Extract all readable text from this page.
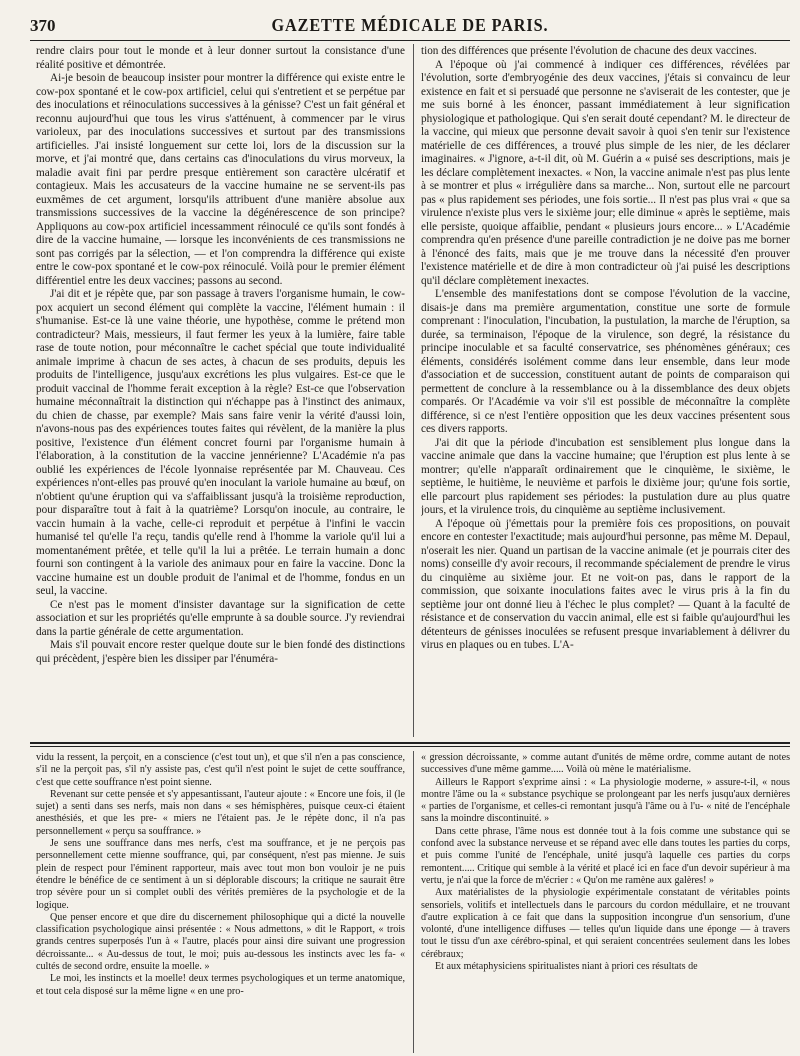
370	GAZETTE MÉDICALE DE PARIS.

rendre clairs pour tout le monde et à leur donner surtout la consistance d'une réalité positive et démontrée.

Ai-je besoin de beaucoup insister pour montrer la différence qui existe entre le cow-pox spontané et le cow-pox artificiel, celui qui s'entretient et se perpétue par des inoculations et réinoculations successives à la génisse? C'est un fait général et reconnu aujourd'hui que tous les virus s'atténuent, à commencer par le virus varioleux, par des inoculations successives et surtout par des transmissions artificielles. J'ai insisté longuement sur cette loi, lors de la discussion sur la morve, et j'ai montré que, dans certains cas d'inoculations du virus morveux, la maladie avait fini par perdre presque entièrement son caractère ulcératif et contagieux. Mais les accusateurs de la vaccine humaine ne se servent-ils pas euxmêmes de cet argument, lorsqu'ils attribuent d'une manière absolue aux transmissions successives de la vaccine la dégénérescence de son principe? Appliquons au cow-pox artificiel incessamment réinoculé ce qu'ils sont fondés à dire de la vaccine humaine, — lorsque les inconvénients de ces transmissions ne sont pas corrigés par la sélection, — et l'on comprendra la différence qui existe entre le cow-pox spontané et le cow-pox réinoculé. Voilà pour le premier élément différentiel entre les deux vaccines; passons au second.

J'ai dit et je répète que, par son passage à travers l'organisme humain, le cow-pox acquiert un second élément qui complète la vaccine, l'élément humain : il s'humanise. Est-ce là une vaine théorie, une hypothèse, comme le prétend mon contradicteur? Mais, messieurs, il faut fermer les yeux à la lumière, faire table rase de toute notion, pour méconnaître le cachet spécial que toute individualité animale imprime à chacun de ses actes, à chacun de ses produits, depuis les produits de l'intelligence, jusqu'aux excrétions les plus vulgaires. Est-ce que le produit vaccinal de l'homme ferait exception à la règle? Est-ce que l'observation humaine méconnaîtrait la distinction qui n'échappe pas à l'instinct des animaux, du chien de chasse, par exemple? Mais sans faire venir la vérité d'aussi loin, n'avons-nous pas des expériences toutes faites qui révèlent, de la manière la plus positive, l'existence d'un élément concret fourni par l'organisme humain à l'élaboration, à la constitution de la vaccine jennérienne? L'Académie n'a pas oublié les expériences de l'école lyonnaise représentée par M. Chauveau. Ces expériences n'ont-elles pas prouvé qu'en inoculant la variole humaine au bœuf, on n'obtient qu'une éruption qui va s'affaiblissant jusqu'à la troisième reproduction, pour disparaître tout à fait à la quatrième? Lorsqu'on inocule, au contraire, le vaccin humain à la vache, celle-ci reproduit et perpétue à l'infini le vaccin humanisé tel qu'elle l'a reçu, tandis qu'elle rend à l'homme la variole qu'il lui a momentanément prêtée, et telle qu'il la lui a prêtée. Le terrain humain a donc fourni son contingent à la variole des animaux pour en faire la vaccine. Donc la vaccine humaine est un double produit de l'animal et de l'homme, fondus en un seul, la vaccine.

Ce n'est pas le moment d'insister davantage sur la signification de cette association et sur les propriétés qu'elle emprunte à sa double source. J'y reviendrai dans la partie générale de cette argumentation.

Mais s'il pouvait encore rester quelque doute sur le bien fondé des distinctions qui précèdent, j'espère bien les dissiper par l'énuméra-

tion des différences que présente l'évolution de chacune des deux vaccines.

A l'époque où j'ai commencé à indiquer ces différences, révélées par l'évolution, sorte d'embryogénie des deux vaccines, j'étais si convaincu de leur existence en fait et si persuadé que personne ne s'aviserait de les contester, que je me suis borné à les énoncer, passant immédiatement à leur signification physiologique et pathologique. Qui s'en serait douté cependant? M. le directeur de la vaccine, qui mieux que personne devait savoir à quoi s'en tenir sur l'existence matérielle de ces différences, a trouvé plus simple de les nier, de les déclarer imaginaires. « J'ignore, a-t-il dit, où M. Guérin a « puisé ses descriptions, mais je les déclare complètement inexactes. « Non, la vaccine animale n'est pas plus lente à se montrer et plus « irrégulière dans sa marche... Non, surtout elle ne parcourt pas « plus rapidement ses périodes, une fois sortie... Il n'est pas plus vrai « que sa virulence n'existe plus vers le sixième jour; elle diminue « après le septième, mais elle persiste, quoique affaiblie, pendant « plusieurs jours encore... » L'Académie comprendra qu'en présence d'une pareille contradiction je ne doive pas me borner à l'énoncé des faits, mais que je me trouve dans la nécessité d'en prouver l'existence matérielle et de dire à mon contradicteur où j'ai puisé les descriptions qu'il déclare complètement inexactes.

L'ensemble des manifestations dont se compose l'évolution de la vaccine, disais-je dans ma première argumentation, constitue une sorte de formule comprenant : l'inoculation, l'incubation, la pustulation, la marche de l'éruption, sa durée, sa terminaison, l'époque de la virulence, son degré, la résistance du principe inoculable et sa faculté conservatrice, ses phénomènes généraux; ces éléments, considérés isolément comme dans leur ensemble, dans leur mode d'association et de succession, constituent autant de points de comparaison qui permettent de conclure à la ressemblance ou à la dissemblance des deux objets comparés. Or l'Académie va voir s'il est possible de méconnaître la complète différence, si ce n'est l'entière opposition que les deux vaccines présentent sous ces divers rapports.

J'ai dit que la période d'incubation est sensiblement plus longue dans la vaccine animale que dans la vaccine humaine; que l'éruption est plus lente à se montrer; qu'elle n'apparaît ordinairement que le cinquième, le sixième, le septième, le huitième, le neuvième et parfois le dixième jour; qu'une fois sortie, elle parcourt plus rapidement ses périodes: la pustulation dure au plus quatre jours, et la virulence trois, du cinquième au septième inclusivement.

A l'époque où j'émettais pour la première fois ces propositions, on pouvait encore en contester l'exactitude; mais aujourd'hui personne, pas même M. Depaul, n'oserait les nier. Quand un partisan de la vaccine animale (et je pourrais citer des noms) conseille d'y avoir recours, il recommande spécialement de prendre le virus du cinquième au sixième jour. Et ne voit-on pas, dans le rapport de la commission, que soixante inoculations faites avec le virus pris à la fin du septième jour ont donné lieu à l'échec le plus complet? — Quant à la faculté de résistance et de conservation du vaccin animal, elle est si faible qu'aujourd'hui les détenteurs de génisses inoculées se refusent presque invariablement à délivrer du virus en plaques ou en tubes. L'A-

vidu la ressent, la perçoit, en a conscience (c'est tout un), et que s'il n'en a pas conscience, s'il ne la perçoit pas, s'il n'y assiste pas, c'est qu'il n'est point le sujet de cette souffrance, c'est que cette souffrance n'est point sienne.

Revenant sur cette pensée et s'y appesantissant, l'auteur ajoute : « Encore une fois, il (le sujet) a senti dans ses nerfs, mais non dans « ses hémisphères, puisque ceux-ci étaient anesthésiés, et que les pre- « miers ne l'étaient pas. Je le répète donc, il n'a pas personnellement « perçu sa souffrance. »

Je sens une souffrance dans mes nerfs, c'est ma souffrance, et je ne perçois pas personnellement cette mienne souffrance, qui, par conséquent, n'est pas mienne. Je suis plein de respect pour l'éminent rapporteur, mais avec tout mon bon vouloir je ne puis étendre le bénéfice de ce sentiment à un si déplorable discours; la critique ne saurait être trop sévère pour un si complet oubli des vérités premières de la psychologie et de la logique.

Que penser encore et que dire du discernement philosophique qui a dicté la nouvelle classification psychologique ainsi présentée : « Nous admettons, » dit le Rapport, « trois grands centres superposés l'un à « l'autre, placés pour ainsi dire suivant une progression décroissante... « Au-dessus de tout, le moi; puis au-dessous les instincts avec les fa- « cultés de second ordre, ensuite la moelle. »

Le moi, les instincts et la moelle! deux termes psychologiques et un terme anatomique, et tout cela disposé sur la même ligne « en une pro-

« gression décroissante, » comme autant d'unités de même ordre, comme autant de notes successives d'une même gamme..... Voilà où mène le matérialisme.

Ailleurs le Rapport s'exprime ainsi : « La physiologie moderne, » assure-t-il, « nous montre l'âme ou la « substance psychique se prolongeant par les nerfs jusqu'aux dernières « parties de l'organisme, et celles-ci remontant jusqu'à l'âme ou à l'u- « nité de l'encéphale sans la moindre discontinuité. »

Dans cette phrase, l'âme nous est donnée tout à la fois comme une substance qui se confond avec la substance nerveuse et se répand avec elle dans toutes les parties du corps, et puis comme l'unité de l'encéphale, unité jusqu'à laquelle ces parties du corps remontent..... Critique qui semble à la vérité et placé ici en face d'un devoir supérieur à ma vertu, je n'ai que la force de m'écrier : « Qu'on me ramène aux galères! »

Aux matérialistes de la physiologie expérimentale constatant de véritables points sensoriels, volitifs et intellectuels dans le parcours du cordon médullaire, et ne trouvant d'autre explication à ce fait que dans la supposition incongrue d'un sensorium, d'une volonté, d'une intelligence diffuses — telles qu'un liquide dans une éponge — à travers tout le tissu d'un axe cérébro-spinal, et qui seraient concentrées seulement dans les lobes cérébraux;

Et aux métaphysiciens spiritualistes niant à priori ces résultats de
